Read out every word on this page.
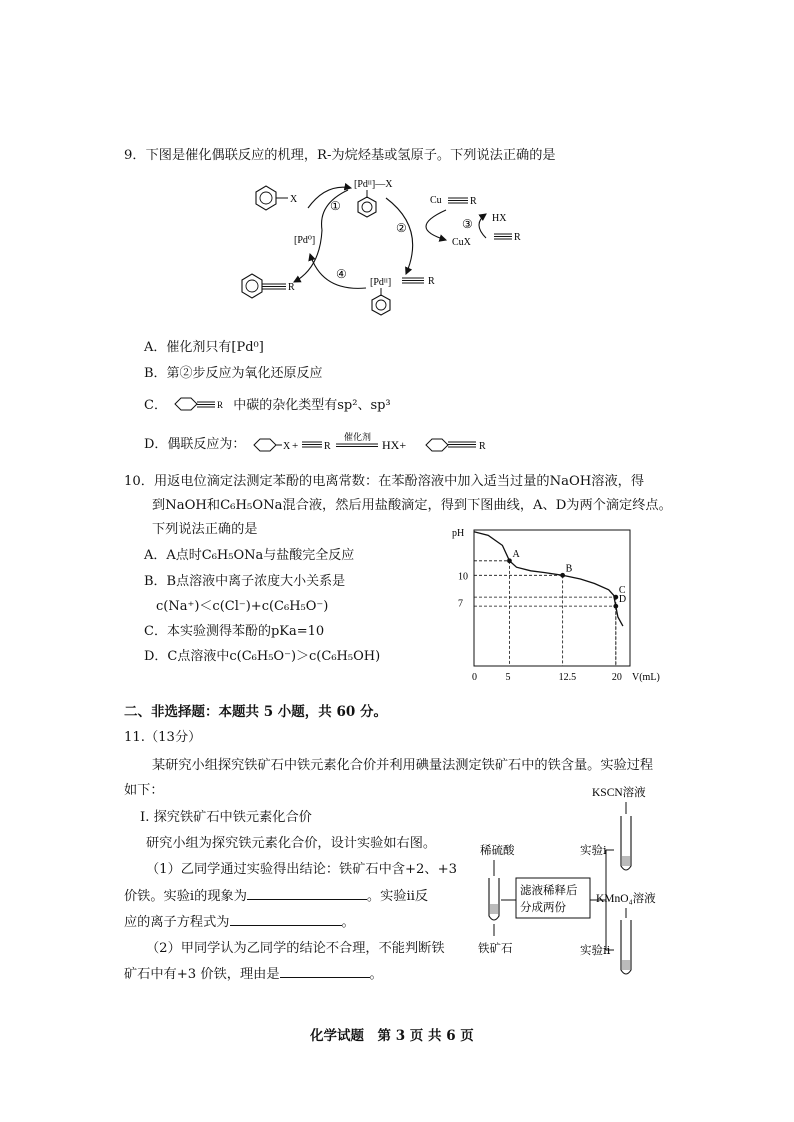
9．下图是催化偶联反应的机理，R-为烷烃基或氢原子。下列说法正确的是
X
[Pdᴵᴵ]—X
①
[Pd⁰]
②
Cu	R
CuX
③ HX
R
[Pdᴵᴵ]	R
④
R
A．催化剂只有[Pd⁰]
B．第②步反应为氧化还原反应
C．	R 中碳的杂化类型有sp²、sp³
D．偶联反应为：	X +	R
催化剂
HX+	R
10．用返电位滴定法测定苯酚的电离常数：在苯酚溶液中加入适当过量的NaOH溶液，得
到NaOH和C₆H₅ONa混合液，然后用盐酸滴定，得到下图曲线，A、D为两个滴定终点。
下列说法正确的是
A．A点时C₆H₅ONa与盐酸完全反应
B．B点溶液中离子浓度大小关系是
c(Na⁺)＜c(Cl⁻)+c(C₆H₅O⁻)
C．本实验测得苯酚的pKa=10
D．C点溶液中c(C₆H₅O⁻)＞c(C₆H₅OH)
pH
V(mL)
0	5	12.5	20
10
7
A
B
C
D
二、非选择题：本题共 5 小题，共 60 分。
11.（13分）
某研究小组探究铁矿石中铁元素化合价并利用碘量法测定铁矿石中的铁含量。实验过程
如下：
Ⅰ. 探究铁矿石中铁元素化合价
研究小组为探究铁元素化合价，设计实验如右图。
（1）乙同学通过实验得出结论：铁矿石中含+2、+3
价铁。实验ⅰ的现象为	。实验ⅱ反
应的离子方程式为	。
（2）甲同学认为乙同学的结论不合理，不能判断铁
矿石中有+3 价铁，理由是	。
稀硫酸
铁矿石
滤液稀释后
分成两份
实验ⅰ
实验ⅱ
KSCN溶液
KMnO₄溶液
化学试题　第 3 页 共 6 页
